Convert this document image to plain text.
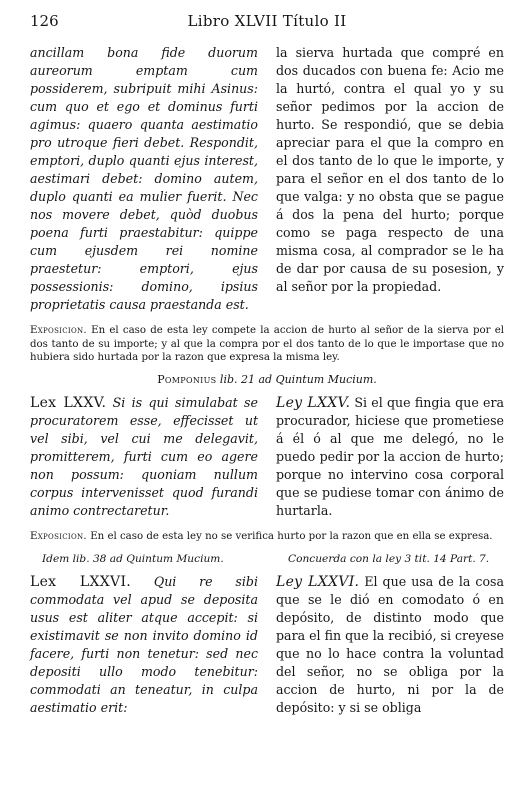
126	Libro XLVII Título II

ancillam bona fide duorum aureorum emptam cum possiderem, subripuit mihi Asinus: cum quo et ego et dominus furti agimus: quaero quanta aestimatio pro utroque fieri debet. Respondit, emptori, duplo quanti ejus interest, aestimari debet: domino autem, duplo quanti ea mulier fuerit. Nec nos movere debet, quòd duobus poena furti praestabitur: quippe cum ejusdem rei nomine praestetur: emptori, ejus possessionis: domino, ipsius proprietatis causa praestanda est.

la sierva hurtada que compré en dos ducados con buena fe: Acio me la hurtó, contra el qual yo y su señor pedimos por la accion de hurto. Se respondió, que se debia apreciar para el que la compro en el dos tanto de lo que le importe, y para el señor en el dos tanto de lo que valga: y no obsta que se pague á dos la pena del hurto; porque como se paga respecto de una misma cosa, al comprador se le ha de dar por causa de su posesion, y al señor por la propiedad.

Exposicion. En el caso de esta ley compete la accion de hurto al señor de la sierva por el dos tanto de su importe; y al que la compra por el dos tanto de lo que le importase que no hubiera sido hurtada por la razon que expresa la misma ley.
Pomponius lib. 21 ad Quintum Mucium.

Lex LXXV. Si is qui simulabat se procuratorem esse, effecisset ut vel sibi, vel cui me delegavit, promitterem, furti cum eo agere non possum: quoniam nullum corpus intervenisset quod furandi animo contrectaretur.

Ley LXXV. Si el que fingia que era procurador, hiciese que prometiese á él ó al que me delegó, no le puedo pedir por la accion de hurto; porque no intervino cosa corporal que se pudiese tomar con ánimo de hurtarla.

Exposicion. En el caso de esta ley no se verifica hurto por la razon que en ella se expresa.
Idem lib. 38 ad Quintum Mucium.	Concuerda con la ley 3 tit. 14 Part. 7.

Lex LXXVI. Qui re sibi commodata vel apud se deposita usus est aliter atque accepit: si existimavit se non invito domino id facere, furti non tenetur: sed nec depositi ullo modo tenebitur: commodati an teneatur, in culpa aestimatio erit:

Ley LXXVI. El que usa de la cosa que se le dió en comodato ó en depósito, de distinto modo que para el fin que la recibió, si creyese que no lo hace contra la voluntad del señor, no se obliga por la accion de hurto, ni por la de depósito: y si se obliga
